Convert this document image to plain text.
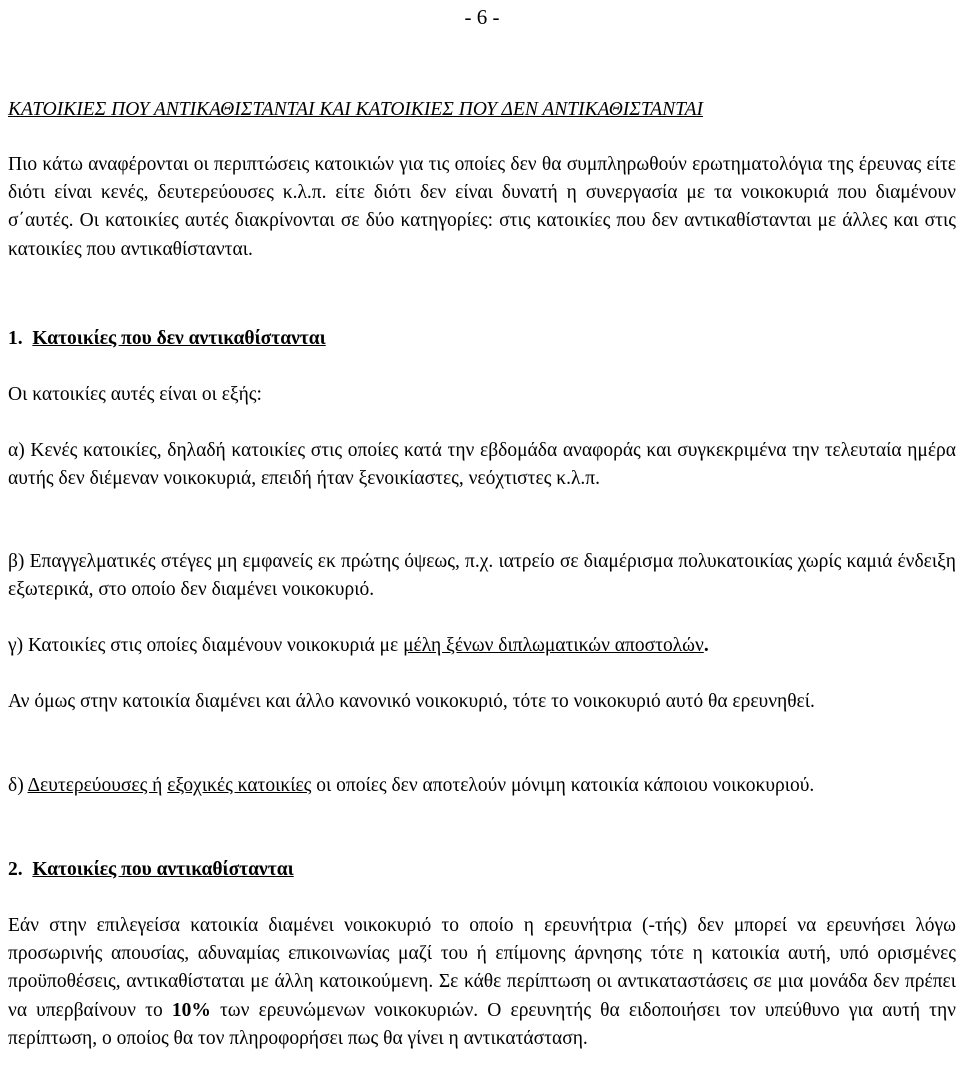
- 6 -
ΚΑΤΟΙΚΙΕΣ ΠΟΥ ΑΝΤΙΚΑΘΙΣΤΑΝΤΑΙ ΚΑΙ ΚΑΤΟΙΚΙΕΣ ΠΟΥ ΔΕΝ ΑΝΤΙΚΑΘΙΣΤΑΝΤΑΙ

Πιο κάτω αναφέρονται οι περιπτώσεις κατοικιών για τις οποίες δεν θα συμπληρωθούν ερωτηματολόγια της έρευνας είτε διότι είναι κενές, δευτερεύουσες κ.λ.π. είτε διότι δεν είναι δυνατή η συνεργασία με τα νοικοκυριά που διαμένουν σ΄αυτές. Οι κατοικίες αυτές διακρίνονται σε δύο κατηγορίες: στις κατοικίες που δεν αντικαθίστανται με άλλες και στις κατοικίες που αντικαθίστανται.

1. Κατοικίες που δεν αντικαθίστανται

Οι κατοικίες αυτές είναι οι εξής:

α) Κενές κατοικίες, δηλαδή κατοικίες στις οποίες κατά την εβδομάδα αναφοράς και συγκεκριμένα την τελευταία ημέρα αυτής δεν διέμεναν νοικοκυριά, επειδή ήταν ξενοικίαστες, νεόχτιστες κ.λ.π.

β) Επαγγελματικές στέγες μη εμφανείς εκ πρώτης όψεως, π.χ. ιατρείο σε διαμέρισμα πολυκατοικίας χωρίς καμιά ένδειξη εξωτερικά, στο οποίο δεν διαμένει νοικοκυριό.

γ) Κατοικίες στις οποίες διαμένουν νοικοκυριά με μέλη ξένων διπλωματικών αποστολών.

Αν όμως στην κατοικία διαμένει και άλλο κανονικό νοικοκυριό, τότε το νοικοκυριό αυτό θα ερευνηθεί.

δ) Δευτερεύουσες ή εξοχικές κατοικίες οι οποίες δεν αποτελούν μόνιμη κατοικία κάποιου νοικοκυριού.

2. Κατοικίες που αντικαθίστανται

Εάν στην επιλεγείσα κατοικία διαμένει νοικοκυριό το οποίο η ερευνήτρια (-τής) δεν μπορεί να ερευνήσει λόγω προσωρινής απουσίας, αδυναμίας επικοινωνίας μαζί του ή επίμονης άρνησης τότε η κατοικία αυτή, υπό ορισμένες προϋποθέσεις, αντικαθίσταται με άλλη κατοικούμενη. Σε κάθε περίπτωση οι αντικαταστάσεις σε μια μονάδα δεν πρέπει να υπερβαίνουν το 10% των ερευνώμενων νοικοκυριών. Ο ερευνητής θα ειδοποιήσει τον υπεύθυνο για αυτή την περίπτωση, ο οποίος θα τον πληροφορήσει πως θα γίνει η αντικατάσταση.
